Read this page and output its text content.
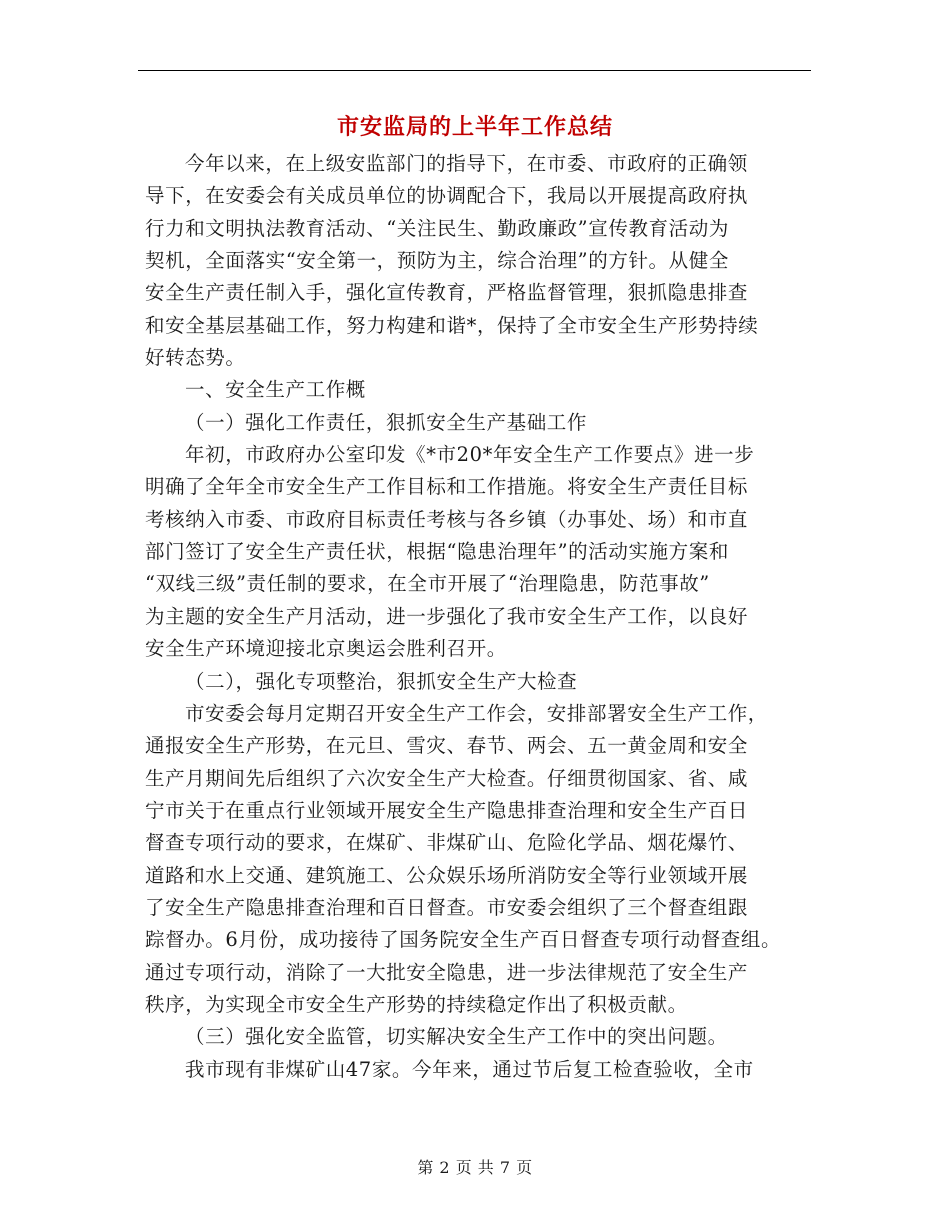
市安监局的上半年工作总结
今年以来，在上级安监部门的指导下，在市委、市政府的正确领
导下，在安委会有关成员单位的协调配合下，我局以开展提高政府执
行力和文明执法教育活动、“关注民生、勤政廉政”宣传教育活动为
契机，全面落实“安全第一，预防为主，综合治理”的方针。从健全
安全生产责任制入手，强化宣传教育，严格监督管理，狠抓隐患排查
和安全基层基础工作，努力构建和谐*，保持了全市安全生产形势持续
好转态势。
一、安全生产工作概
（一）强化工作责任，狠抓安全生产基础工作
年初，市政府办公室印发《*市20*年安全生产工作要点》进一步
明确了全年全市安全生产工作目标和工作措施。将安全生产责任目标
考核纳入市委、市政府目标责任考核与各乡镇（办事处、场）和市直
部门签订了安全生产责任状，根据“隐患治理年”的活动实施方案和
“双线三级”责任制的要求，在全市开展了“治理隐患，防范事故”
为主题的安全生产月活动，进一步强化了我市安全生产工作，以良好
安全生产环境迎接北京奥运会胜利召开。
（二），强化专项整治，狠抓安全生产大检查
市安委会每月定期召开安全生产工作会，安排部署安全生产工作，
通报安全生产形势，在元旦、雪灾、春节、两会、五一黄金周和安全
生产月期间先后组织了六次安全生产大检查。仔细贯彻国家、省、咸
宁市关于在重点行业领域开展安全生产隐患排查治理和安全生产百日
督查专项行动的要求，在煤矿、非煤矿山、危险化学品、烟花爆竹、
道路和水上交通、建筑施工、公众娱乐场所消防安全等行业领域开展
了安全生产隐患排查治理和百日督查。市安委会组织了三个督查组跟
踪督办。6月份，成功接待了国务院安全生产百日督查专项行动督查组。
通过专项行动，消除了一大批安全隐患，进一步法律规范了安全生产
秩序，为实现全市安全生产形势的持续稳定作出了积极贡献。
（三）强化安全监管，切实解决安全生产工作中的突出问题。
我市现有非煤矿山47家。今年来，通过节后复工检查验收，全市
第 2 页 共 7 页
